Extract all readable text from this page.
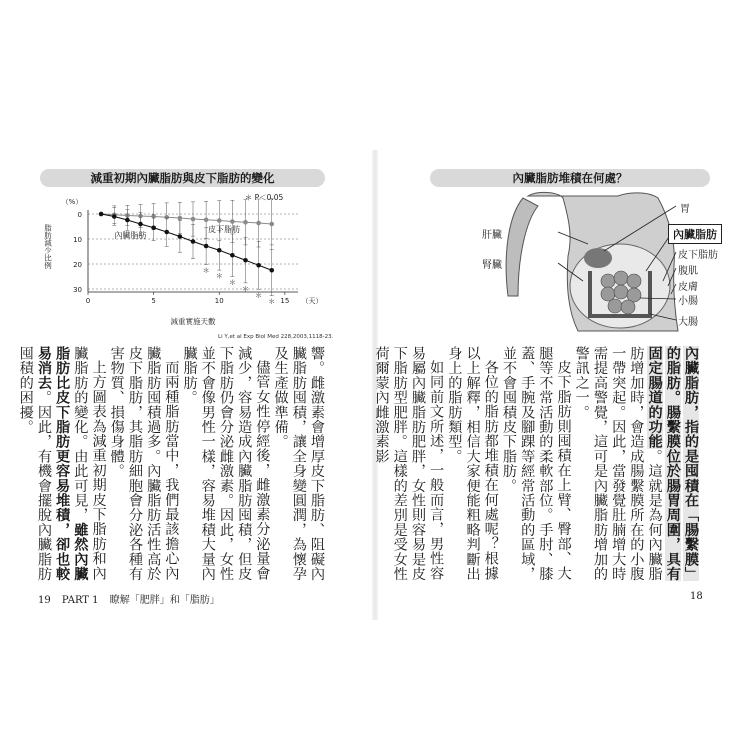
減重初期內臟脂肪與皮下脂肪的變化
0
10
20
30
0	5	10	15
（%）
（天）
減重實施天數
脂肪減少比例
＊ P＜0.05
皮下脂肪
＊
＊
＊
＊
＊
＊
內臟脂肪
Li Y,et al Exp Biol Med 228,2003,1118-23.

響。雌激素會增厚皮下脂肪、阻礙內臟脂肪囤積，讓全身變圓潤，為懷孕及生產做準備。

儘管女性停經後，雌激素分泌量會減少，容易造成內臟脂肪囤積，但皮下脂肪仍會分泌雌激素。因此，女性並不會像男性一樣，容易堆積大量內臟脂肪。

而兩種脂肪當中，我們最該擔心內臟脂肪囤積過多。內臟脂肪活性高於皮下脂肪，其脂肪細胞會分泌各種有害物質、損傷身體。

上方圖表為減重初期皮下脂肪和內臟脂肪的變化。由此可見，雖然內臟脂肪比皮下脂肪更容易堆積，卻也較易消去。因此，有機會擺脫內臟脂肪囤積的困擾。

19 PART 1 瞭解「肥胖」和「脂肪」
內臟脂肪堆積在何處？
肝臟
腎臟
胃
內臟脂肪
皮下脂肪
腹肌
皮膚
小腸
大腸

內臟脂肪，指的是囤積在「腸繫膜」的脂肪。腸繫膜位於腸胃周圍，具有固定腸道的功能。這就是為何內臟脂肪增加時，會造成腸繫膜所在的小腹一帶突起。因此，當發覺肚腩增大時需提高警覺，這可是內臟脂肪增加的警訊之一。

皮下脂肪則囤積在上臂、臀部、大腿等不常活動的柔軟部位。手肘、膝蓋、手腕及腳踝等經常活動的區域，並不會囤積皮下脂肪。

各位的脂肪都堆積在何處呢？根據以上解釋，相信大家便能粗略判斷出身上的脂肪類型。

如同前文所述，一般而言，男性容易屬內臟脂肪肥胖，女性則容易是皮下脂肪型肥胖。這樣的差別是受女性荷爾蒙內雌激素影

18
